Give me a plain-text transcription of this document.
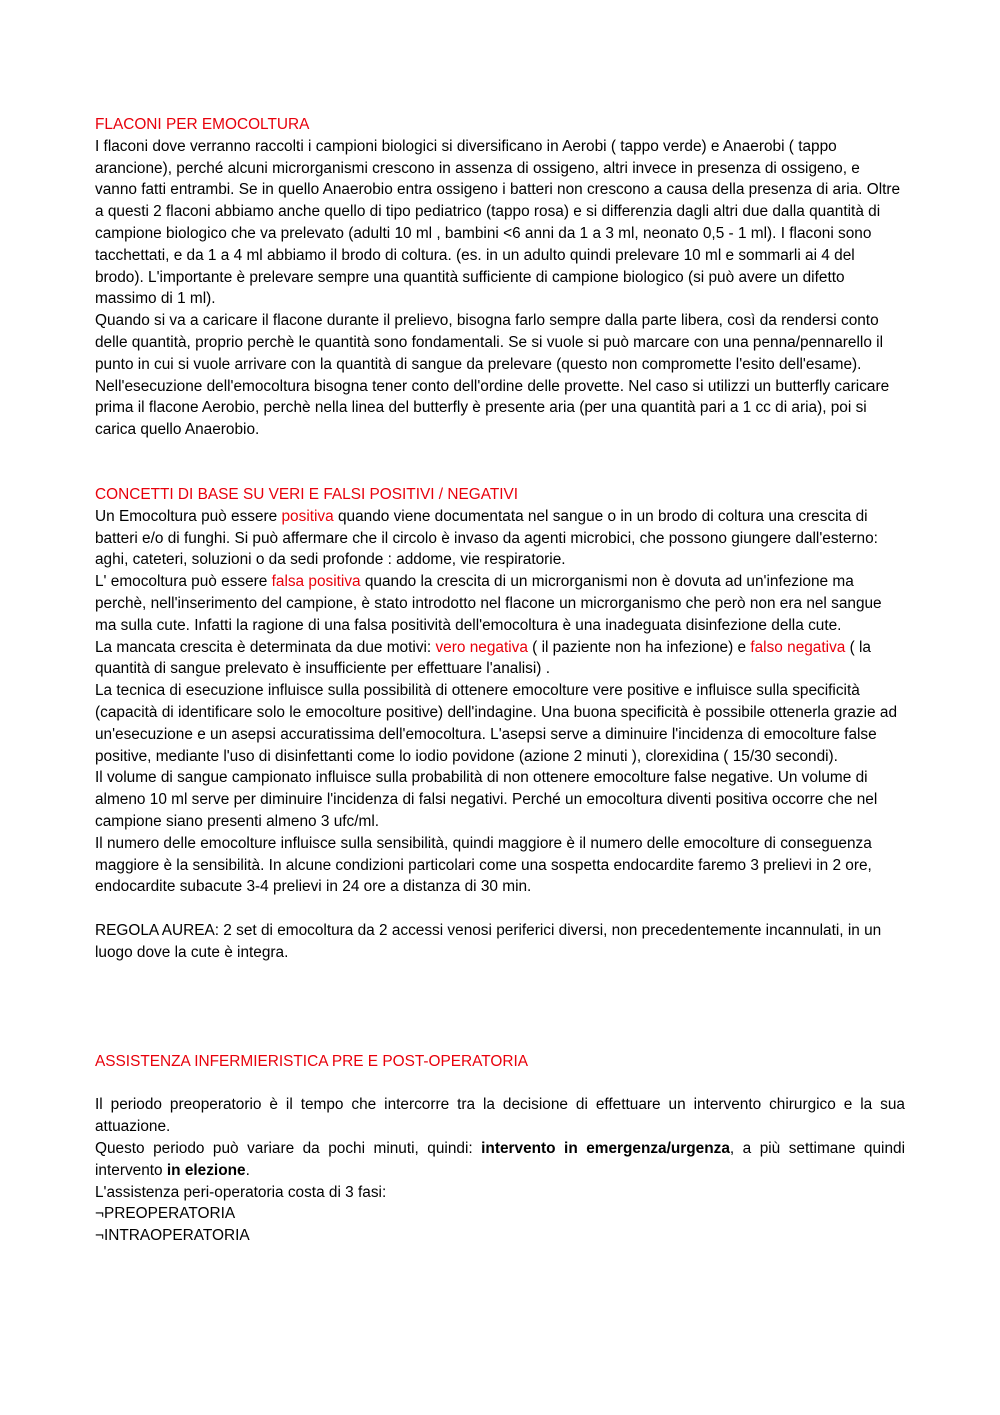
FLACONI PER EMOCOLTURA

I flaconi dove verranno raccolti i campioni biologici si diversificano in Aerobi ( tappo verde) e Anaerobi ( tappo arancione), perché alcuni microrganismi crescono in assenza di ossigeno, altri invece in presenza di ossigeno, e vanno fatti entrambi. Se in quello Anaerobio entra ossigeno i batteri non crescono a causa della presenza di aria. Oltre a questi 2 flaconi abbiamo anche quello di tipo pediatrico (tappo rosa) e si differenzia dagli altri due dalla quantità di campione biologico che va prelevato (adulti 10 ml , bambini <6 anni da 1 a 3 ml, neonato 0,5 - 1 ml). I flaconi sono tacchettati, e da 1 a 4 ml abbiamo il brodo di coltura. (es. in un adulto quindi prelevare 10 ml e sommarli ai 4 del brodo). L'importante è prelevare sempre una quantità sufficiente di campione biologico (si può avere un difetto massimo di 1 ml).

Quando si va a caricare il flacone durante il prelievo, bisogna farlo sempre dalla parte libera, così da rendersi conto delle quantità, proprio perchè le quantità sono fondamentali. Se si vuole si può marcare con una penna/pennarello il punto in cui si vuole arrivare con la quantità di sangue da prelevare (questo non compromette l'esito dell'esame).

Nell'esecuzione dell'emocoltura bisogna tener conto dell'ordine delle provette. Nel caso si utilizzi un butterfly caricare prima il flacone Aerobio, perchè nella linea del butterfly è presente aria (per una quantità pari a 1 cc di aria), poi si carica quello Anaerobio.

CONCETTI DI BASE SU VERI E FALSI POSITIVI / NEGATIVI

Un Emocoltura può essere positiva quando viene documentata nel sangue o in un brodo di coltura una crescita di batteri e/o di funghi. Si può affermare che il circolo è invaso da agenti microbici, che possono giungere dall'esterno: aghi, cateteri, soluzioni o da sedi profonde : addome, vie respiratorie.

L' emocoltura può essere falsa positiva quando la crescita di un microrganismi non è dovuta ad un'infezione ma perchè, nell'inserimento del campione, è stato introdotto nel flacone un microrganismo che però non era nel sangue ma sulla cute. Infatti la ragione di una falsa positività dell'emocoltura è una inadeguata disinfezione della cute.

La mancata crescita è determinata da due motivi: vero negativa ( il paziente non ha infezione) e falso negativa ( la quantità di sangue prelevato è insufficiente per effettuare l'analisi) .

La tecnica di esecuzione influisce sulla possibilità di ottenere emocolture vere positive e influisce sulla specificità (capacità di identificare solo le emocolture positive) dell'indagine. Una buona specificità è possibile ottenerla grazie ad un'esecuzione e un asepsi accuratissima dell'emocoltura. L'asepsi serve a diminuire l'incidenza di emocolture false positive, mediante l'uso di disinfettanti come lo iodio povidone (azione 2 minuti ), clorexidina ( 15/30 secondi).

Il volume di sangue campionato influisce sulla probabilità di non ottenere emocolture false negative. Un volume di almeno 10 ml serve per diminuire l'incidenza di falsi negativi. Perché un emocoltura diventi positiva occorre che nel campione siano presenti almeno 3 ufc/ml.

Il numero delle emocolture influisce sulla sensibilità, quindi maggiore è il numero delle emocolture di conseguenza maggiore è la sensibilità. In alcune condizioni particolari come una sospetta endocardite faremo 3 prelievi in 2 ore, endocardite subacute 3-4 prelievi in 24 ore a distanza di 30 min.

REGOLA AUREA: 2 set di emocoltura da 2 accessi venosi periferici diversi, non precedentemente incannulati, in un luogo dove la cute è integra.

ASSISTENZA INFERMIERISTICA PRE E POST-OPERATORIA

Il periodo preoperatorio è il tempo che intercorre tra la decisione di effettuare un intervento chirurgico e la sua attuazione.

Questo periodo può variare da pochi minuti, quindi: intervento in emergenza/urgenza, a più settimane quindi intervento in elezione.

L'assistenza peri-operatoria costa di 3 fasi:

¬PREOPERATORIA

¬INTRAOPERATORIA
